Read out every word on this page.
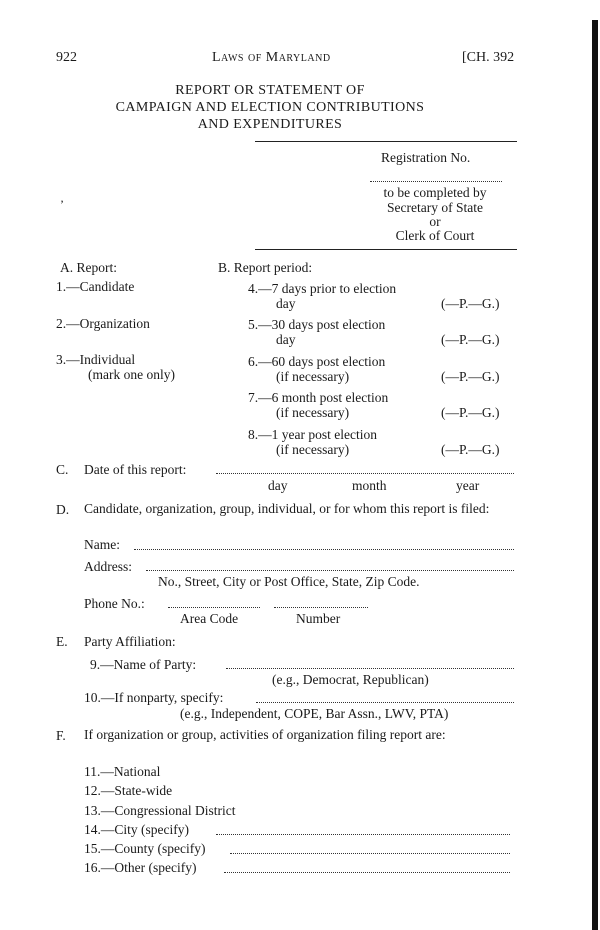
922	Laws of Maryland	[CH. 392
REPORT OR STATEMENT OF
CAMPAIGN AND ELECTION CONTRIBUTIONS
AND EXPENDITURES
Registration No.
to be completed by
Secretary of State
or
Clerk of Court
’
A. Report:
1.—Candidate
2.—Organization
3.—Individual
(mark one only)
B. Report period:
4.—7 days prior to election
day	(—P.—G.)
5.—30 days post election
day	(—P.—G.)
6.—60 days post election
(if necessary)	(—P.—G.)
7.—6 month post election
(if necessary)	(—P.—G.)
8.—1 year post election
(if necessary)	(—P.—G.)
C. Date of this report:
day	month	year
D. Candidate, organization, group, individual, or for whom this report is filed:
Name:
Address:
No., Street, City or Post Office, State, Zip Code.
Phone No.:
Area Code	Number
E. Party Affiliation:
9.—Name of Party:
(e.g., Democrat, Republican)
10.—If nonparty, specify:
(e.g., Independent, COPE, Bar Assn., LWV, PTA)
F. If organization or group, activities of organization filing report are:
11.—National
12.—State-wide
13.—Congressional District
14.—City (specify)
15.—County (specify)
16.—Other (specify)
